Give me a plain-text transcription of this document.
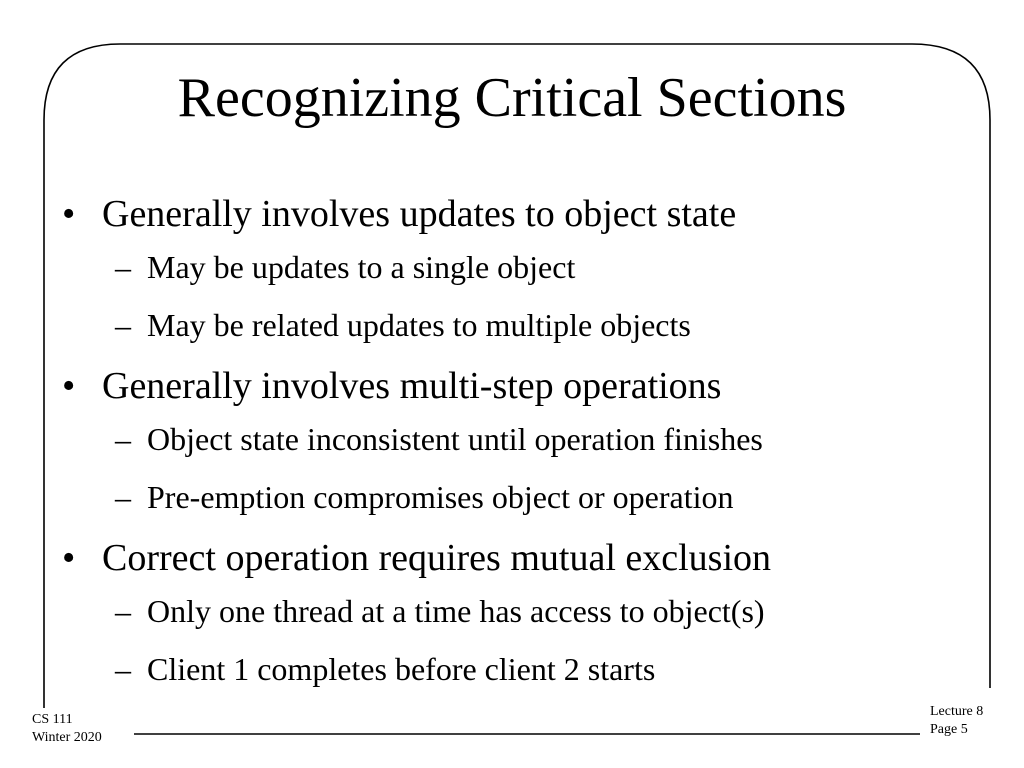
Recognizing Critical Sections
• Generally involves updates to object state
– May be updates to a single object
– May be related updates to multiple objects
• Generally involves multi-step operations
– Object state inconsistent until operation finishes
– Pre-emption compromises object or operation
• Correct operation requires mutual exclusion
– Only one thread at a time has access to object(s)
– Client 1 completes before client 2 starts
CS 111
Winter 2020
Lecture 8
Page 5
